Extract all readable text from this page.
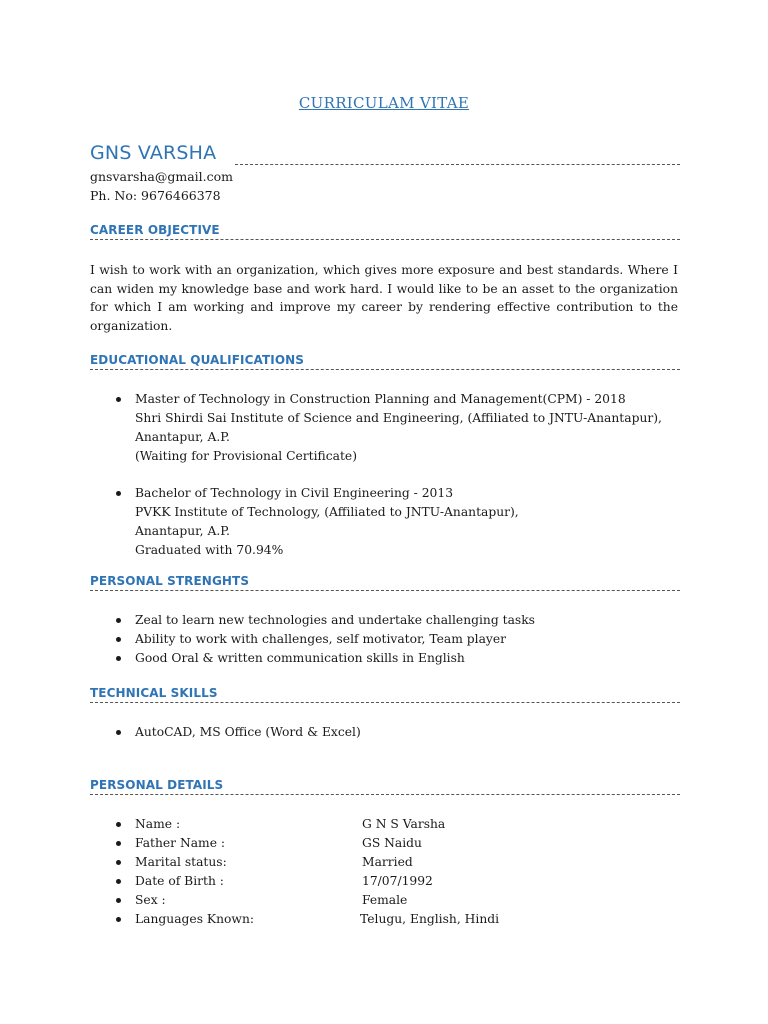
CURRICULAM VITAE
GNS VARSHA
gnsvarsha@gmail.com
Ph. No: 9676466378
CAREER OBJECTIVE
I wish to work with an organization, which gives more exposure and best standards. Where I can widen my knowledge base and work hard. I would like to be an asset to the organization for which I am working and improve my career by rendering effective contribution to the organization.
EDUCATIONAL QUALIFICATIONS
Master of Technology in Construction Planning and Management(CPM) - 2018
Shri Shirdi Sai Institute of Science and Engineering, (Affiliated to JNTU-Anantapur),
Anantapur, A.P.
(Waiting for Provisional Certificate)
Bachelor of Technology in Civil Engineering - 2013
PVKK Institute of Technology, (Affiliated to JNTU-Anantapur),
Anantapur, A.P.
Graduated with 70.94%
PERSONAL STRENGHTS
Zeal to learn new technologies and undertake challenging tasks
Ability to work with challenges, self motivator, Team player
Good Oral & written communication skills in English
TECHNICAL SKILLS
AutoCAD, MS Office (Word & Excel)
PERSONAL DETAILS
Name :	G N S Varsha
Father Name :	GS Naidu
Marital status:	Married
Date of Birth :	17/07/1992
Sex :	Female
Languages Known:	Telugu, English, Hindi
